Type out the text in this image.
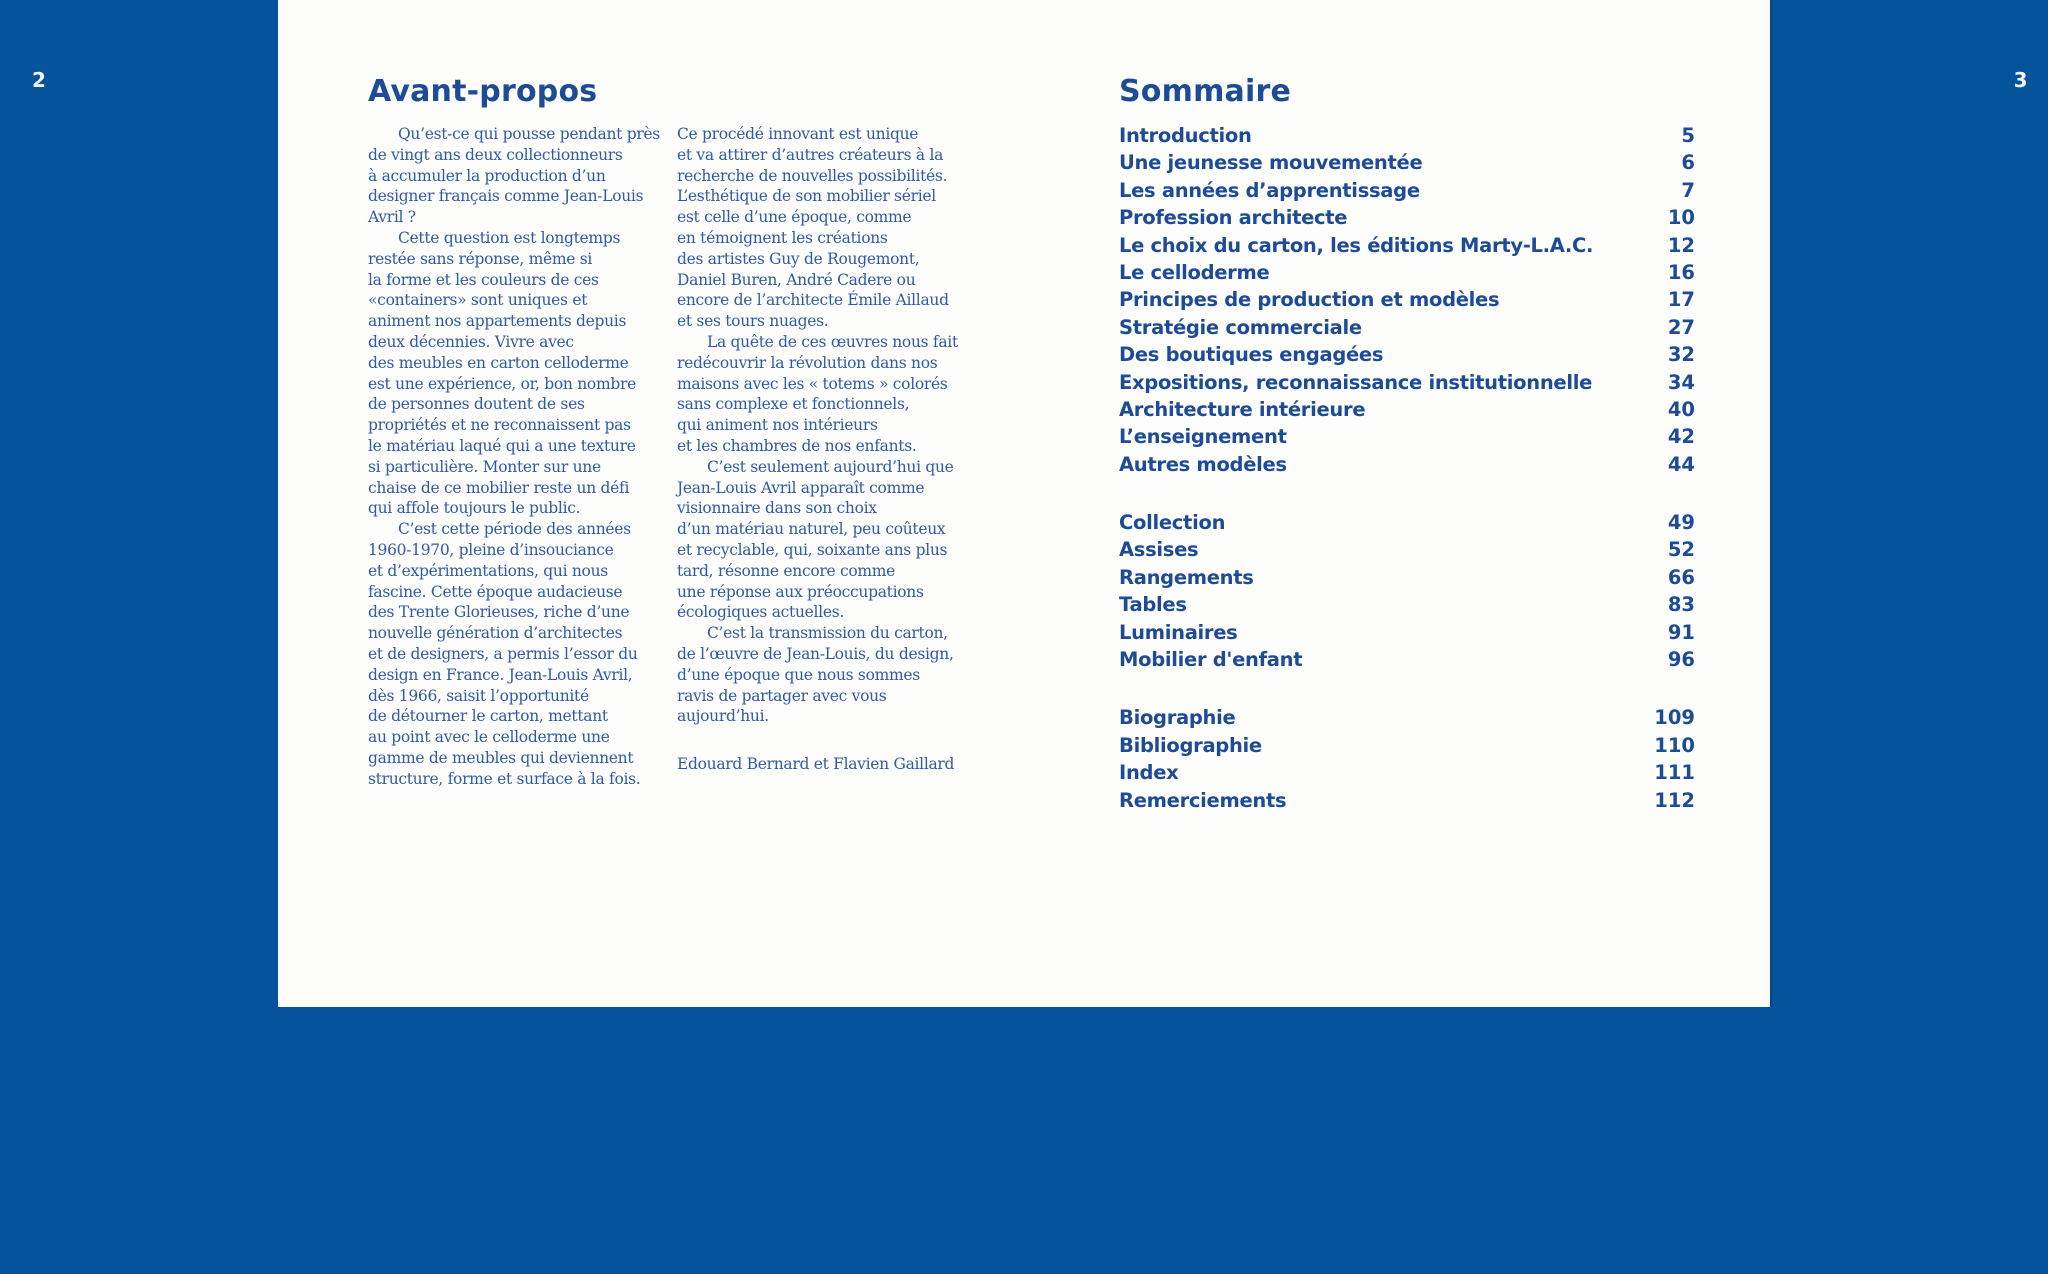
2	3
Avant-propos
Qu’est-ce qui pousse pendant près
de vingt ans deux collectionneurs
à accumuler la production d’un
designer français comme Jean-Louis
Avril ?
Cette question est longtemps
restée sans réponse, même si
la forme et les couleurs de ces
«containers» sont uniques et
animent nos appartements depuis
deux décennies. Vivre avec
des meubles en carton celloderme
est une expérience, or, bon nombre
de personnes doutent de ses
propriétés et ne reconnaissent pas
le matériau laqué qui a une texture
si particulière. Monter sur une
chaise de ce mobilier reste un défi
qui affole toujours le public.
C’est cette période des années
1960-1970, pleine d’insouciance
et d’expérimentations, qui nous
fascine. Cette époque audacieuse
des Trente Glorieuses, riche d’une
nouvelle génération d’architectes
et de designers, a permis l’essor du
design en France. Jean-Louis Avril,
dès 1966, saisit l’opportunité
de détourner le carton, mettant
au point avec le celloderme une
gamme de meubles qui deviennent
structure, forme et surface à la fois.
Ce procédé innovant est unique
et va attirer d’autres créateurs à la
recherche de nouvelles possibilités.
L’esthétique de son mobilier sériel
est celle d’une époque, comme
en témoignent les créations
des artistes Guy de Rougemont,
Daniel Buren, André Cadere ou
encore de l’architecte Émile Aillaud
et ses tours nuages.
La quête de ces œuvres nous fait
redécouvrir la révolution dans nos
maisons avec les « totems » colorés
sans complexe et fonctionnels,
qui animent nos intérieurs
et les chambres de nos enfants.
C’est seulement aujourd’hui que
Jean-Louis Avril apparaît comme
visionnaire dans son choix
d’un matériau naturel, peu coûteux
et recyclable, qui, soixante ans plus
tard, résonne encore comme
une réponse aux préoccupations
écologiques actuelles.
C’est la transmission du carton,
de l’œuvre de Jean-Louis, du design,
d’une époque que nous sommes
ravis de partager avec vous
aujourd’hui.
Edouard Bernard et Flavien Gaillard
Sommaire
Introduction	5
Une jeunesse mouvementée	6
Les années d’apprentissage	7
Profession architecte	10
Le choix du carton, les éditions Marty-L.A.C.	12
Le celloderme	16
Principes de production et modèles	17
Stratégie commerciale	27
Des boutiques engagées	32
Expositions, reconnaissance institutionnelle	34
Architecture intérieure	40
L’enseignement	42
Autres modèles	44
Collection	49
Assises	52
Rangements	66
Tables	83
Luminaires	91
Mobilier d'enfant	96
Biographie	109
Bibliographie	110
Index	111
Remerciements	112
